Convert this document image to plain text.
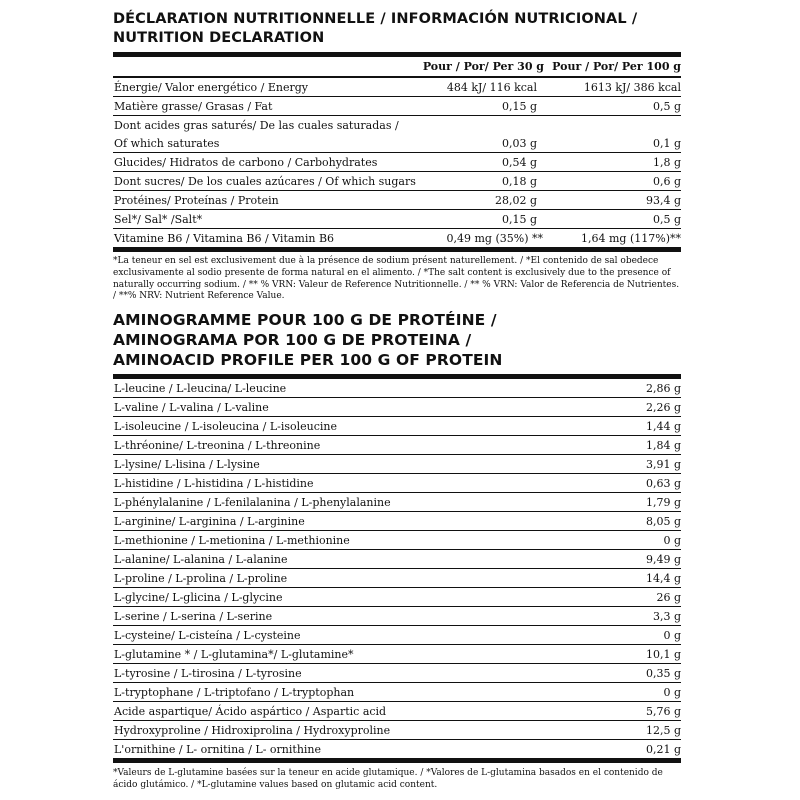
DÉCLARATION NUTRITIONNELLE / INFORMACIÓN NUTRICIONAL /
NUTRITION DECLARATION
	Pour / Por/ Per 30 g	Pour / Por/ Per 100 g
Énergie/ Valor energético / Energy	484 kJ/ 116 kcal	1613 kJ/ 386 kcal
Matière grasse/ Grasas / Fat	0,15 g	0,5 g
Dont acides gras saturés/ De las cuales saturadas /		
Of which saturates	0,03 g	0,1 g
Glucides/ Hidratos de carbono / Carbohydrates	0,54 g	1,8 g
Dont sucres/ De los cuales azúcares / Of which sugars	0,18 g	0,6 g
Protéines/ Proteínas / Protein	28,02 g	93,4 g
Sel*/ Sal* /Salt*	0,15 g	0,5 g
Vitamine B6 / Vitamina B6 / Vitamin B6	0,49 mg (35%) **	1,64 mg (117%)**

*La teneur en sel est exclusivement due à la présence de sodium présent naturellement. / *El contenido de sal obedece exclusivamente al sodio presente de forma natural en el alimento. / *The salt content is exclusively due to the presence of naturally occurring sodium. / ** % VRN: Valeur de Reference Nutritionnelle. / ** % VRN: Valor de Referencia de Nutrientes. / **% NRV: Nutrient Reference Value.

AMINOGRAMME POUR 100 G DE PROTÉINE /
AMINOGRAMA POR 100 G DE PROTEINA /
AMINOACID PROFILE PER 100 G OF PROTEIN
L-leucine / L-leucina/ L-leucine	2,86 g
L-valine / L-valina / L-valine	2,26 g
L-isoleucine / L-isoleucina / L-isoleucine	1,44 g
L-thréonine/ L-treonina / L-threonine	1,84 g
L-lysine/ L-lisina / L-lysine	3,91 g
L-histidine / L-histidina / L-histidine	0,63 g
L-phénylalanine / L-fenilalanina / L-phenylalanine	1,79 g
L-arginine/ L-arginina / L-arginine	8,05 g
L-methionine / L-metionina / L-methionine	0 g
L-alanine/ L-alanina / L-alanine	9,49 g
L-proline / L-prolina / L-proline	14,4 g
L-glycine/ L-glicina / L-glycine	26 g
L-serine / L-serina / L-serine	3,3 g
L-cysteine/ L-cisteína / L-cysteine	0 g
L-glutamine * / L-glutamina*/ L-glutamine*	10,1 g
L-tyrosine / L-tirosina / L-tyrosine	0,35 g
L-tryptophane / L-triptofano / L-tryptophan	0 g
Acide aspartique/ Ácido aspártico / Aspartic acid	5,76 g
Hydroxyproline / Hidroxiprolina / Hydroxyproline	12,5 g
L'ornithine / L- ornitina / L- ornithine	0,21 g

*Valeurs de L-glutamine basées sur la teneur en acide glutamique. / *Valores de L-glutamina basados en el contenido de ácido glutámico. / *L-glutamine values based on glutamic acid content.
